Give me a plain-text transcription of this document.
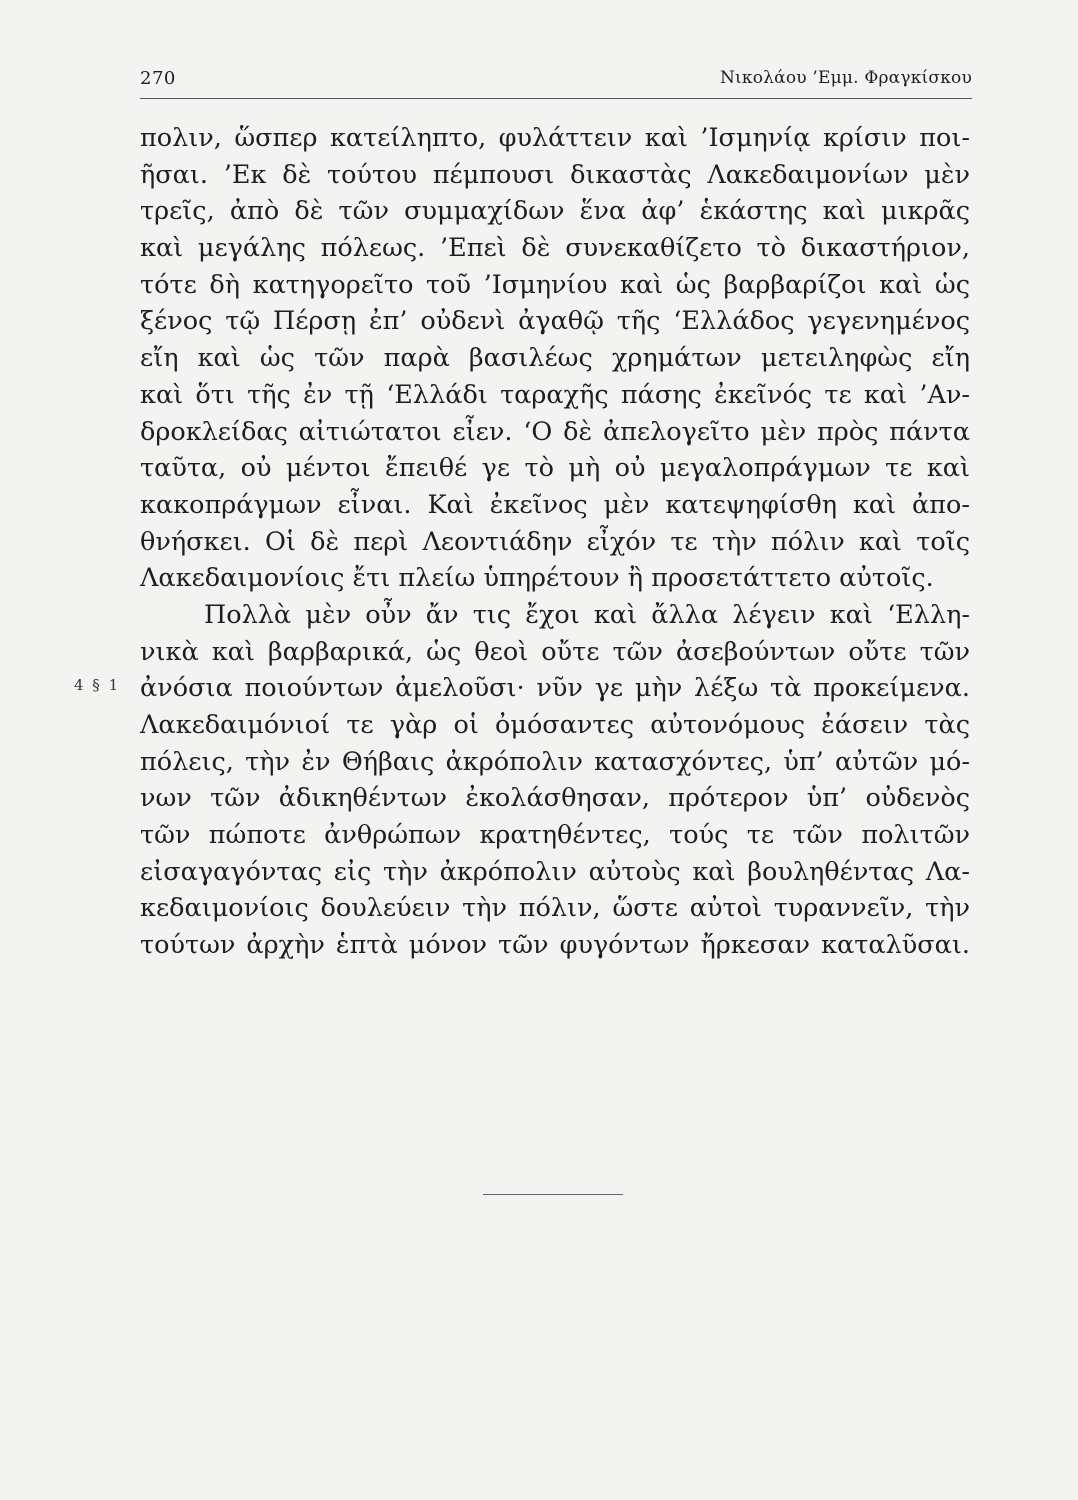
270	Νικολάου ’Εμμ. Φραγκίσκου
4 § 1
πολιν, ὥσπερ κατείληπτο, φυλάττειν καὶ ’Ισμηνίᾳ κρίσιν ποι-
ῆσαι. ’Εκ δὲ τούτου πέμπουσι δικαστὰς Λακεδαιμονίων μὲν
τρεῖς, ἀπὸ δὲ τῶν συμμαχίδων ἕνα ἀφ’ ἑκάστης καὶ μικρᾶς
καὶ μεγάλης πόλεως. ’Επεὶ δὲ συνεκαθίζετο τὸ δικαστήριον,
τότε δὴ κατηγορεῖτο τοῦ ’Ισμηνίου καὶ ὡς βαρβαρίζοι καὶ ὡς
ξένος τῷ Πέρσῃ ἐπ’ οὐδενὶ ἀγαθῷ τῆς ‘Ελλάδος γεγενημένος
εἴη καὶ ὡς τῶν παρὰ βασιλέως χρημάτων μετειληφὼς εἴη
καὶ ὅτι τῆς ἐν τῇ ‘Ελλάδι ταραχῆς πάσης ἐκεῖνός τε καὶ ’Αν-
δροκλείδας αἰτιώτατοι εἶεν. ‘Ο δὲ ἀπελογεῖτο μὲν πρὸς πάντα
ταῦτα, οὐ μέντοι ἔπειθέ γε τὸ μὴ οὐ μεγαλοπράγμων τε καὶ
κακοπράγμων εἶναι. Καὶ ἐκεῖνος μὲν κατεψηφίσθη καὶ ἀπο-
θνήσκει. Οἱ δὲ περὶ Λεοντιάδην εἶχόν τε τὴν πόλιν καὶ τοῖς
Λακεδαιμονίοις ἔτι πλείω ὑπηρέτουν ἢ προσετάττετο αὐτοῖς.
Πολλὰ μὲν οὖν ἄν τις ἔχοι καὶ ἄλλα λέγειν καὶ ‘Ελλη-
νικὰ καὶ βαρβαρικά, ὡς θεοὶ οὔτε τῶν ἀσεβούντων οὔτε τῶν
ἀνόσια ποιούντων ἀμελοῦσι· νῦν γε μὴν λέξω τὰ προκείμενα.
Λακεδαιμόνιοί τε γὰρ οἱ ὀμόσαντες αὐτονόμους ἐάσειν τὰς
πόλεις, τὴν ἐν Θήβαις ἀκρόπολιν κατασχόντες, ὑπ’ αὐτῶν μό-
νων τῶν ἀδικηθέντων ἐκολάσθησαν, πρότερον ὑπ’ οὐδενὸς
τῶν πώποτε ἀνθρώπων κρατηθέντες, τούς τε τῶν πολιτῶν
εἰσαγαγόντας εἰς τὴν ἀκρόπολιν αὐτοὺς καὶ βουληθέντας Λα-
κεδαιμονίοις δουλεύειν τὴν πόλιν, ὥστε αὐτοὶ τυραννεῖν, τὴν
τούτων ἀρχὴν ἑπτὰ μόνον τῶν φυγόντων ἤρκεσαν καταλῦσαι.
